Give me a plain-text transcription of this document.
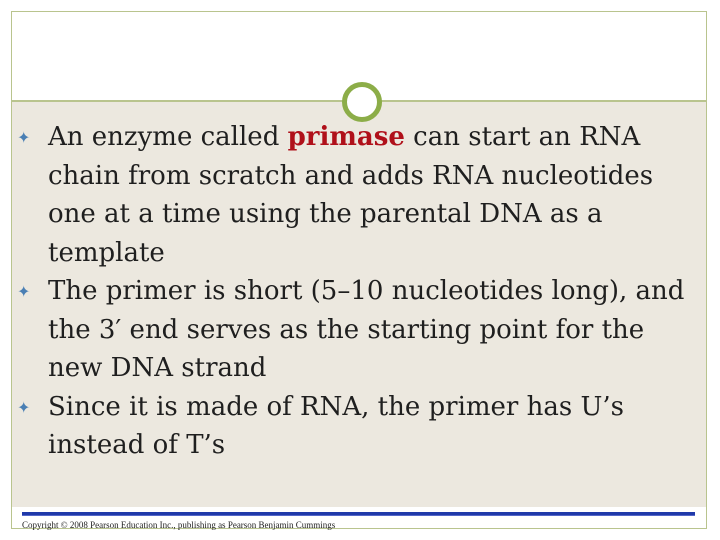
✦ An enzyme called primase can start an RNA chain from scratch and adds RNA nucleotides one at a time using the parental DNA as a template
✦ The primer is short (5–10 nucleotides long), and the 3′ end serves as the starting point for the new DNA strand
✦ Since it is made of RNA, the primer has U’s instead of T’s
Copyright © 2008 Pearson Education Inc., publishing as Pearson Benjamin Cummings
